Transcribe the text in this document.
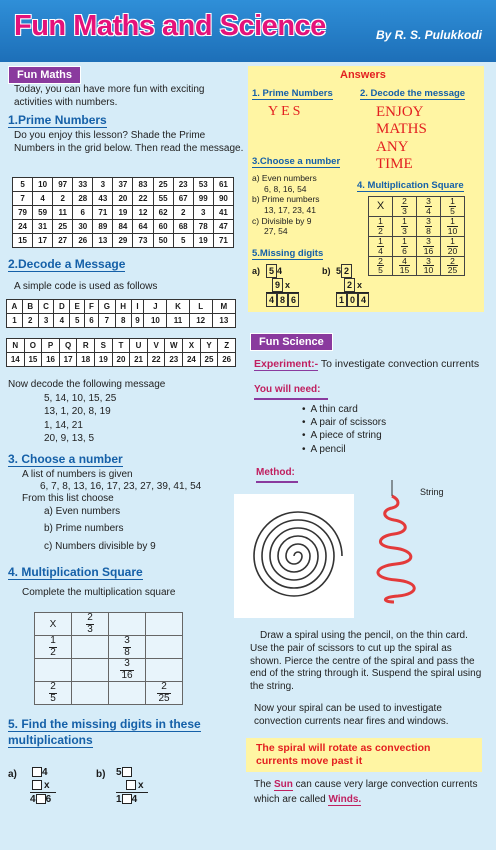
Fun Maths and Science	By R. S. Pulukkodi
Fun Maths
Today, you can have more fun with exciting activities with numbers.
1.Prime Numbers
Do you enjoy this lesson? Shade the Prime Numbers in the grid below. Then read the message.
5	10	97	33	3	37	83	25	23	53	61
7	4	2	28	43	20	22	55	67	99	90
79	59	11	6	71	19	12	62	2	3	41
24	31	25	30	89	84	64	60	68	78	47
15	17	27	26	13	29	73	50	5	19	71
2.Decode a Message
A simple code is used as follows
A	B	C	D	E	F	G	H	I	J	K	L	M
1	2	3	4	5	6	7	8	9	10	11	12	13
N	O	P	Q	R	S	T	U	V	W	X	Y	Z
14	15	16	17	18	19	20	21	22	23	24	25	26
Now decode the following message
5, 14, 10, 15, 25
13, 1, 20, 8, 19
1, 14, 21
20, 9, 13, 5
3. Choose a number
A list of numbers is given
6, 7, 8, 13, 16, 17, 23, 27, 39, 41, 54
From this list choose
a) Even numbers
b) Prime numbers
c) Numbers divisible by 9
4. Multiplication Square
Complete the multiplication square
X	$\frac{2}{3}$

$\frac{1}{2}$		$\frac{3}{8}$

		$\frac{3}{16}$

$\frac{2}{5}$			$\frac{2}{25}$
5. Find the missing digits in these multiplications
a)	4
x
4 6
b) 5
x
1 4
Answers
1. Prime Numbers
YES
2. Decode the message
ENJOY
MATHS
ANY
TIME
3.Choose a number
a) Even numbers
6, 8, 16, 54
b) Prime numbers
13, 17, 23, 41
c) Divisible by 9
27, 54
4. Multiplication Square
X	$\frac{2}{3}$	$\frac{3}{4}$	$\frac{1}{5}$

$\frac{1}{2}$	$\frac{1}{3}$	$\frac{3}{8}$	$\frac{1}{10}$

$\frac{1}{4}$	$\frac{1}{6}$	$\frac{3}{16}$	$\frac{1}{20}$

$\frac{2}{5}$	$\frac{4}{15}$	$\frac{3}{10}$	$\frac{2}{25}$
5.Missing digits
a) 5 4
9 x
4 8 6
b) 5 2
2 x
1 0 4
Fun Science
Experiment:- To investigate convection currents
You will need:
•  A thin card
•  A pair of scissors
•  A piece of string
•  A pencil
Method:
String
Draw a spiral using the pencil, on the thin card. Use the pair of scissors to cut up the spiral as shown. Pierce the centre of the spiral and pass the end of the string through it. Suspend the spiral using the string.
Now your spiral can be used to investigate convection currents near fires and windows.
The spiral will rotate as convection currents move past it
The Sun can cause very large convection currents which are called Winds.
